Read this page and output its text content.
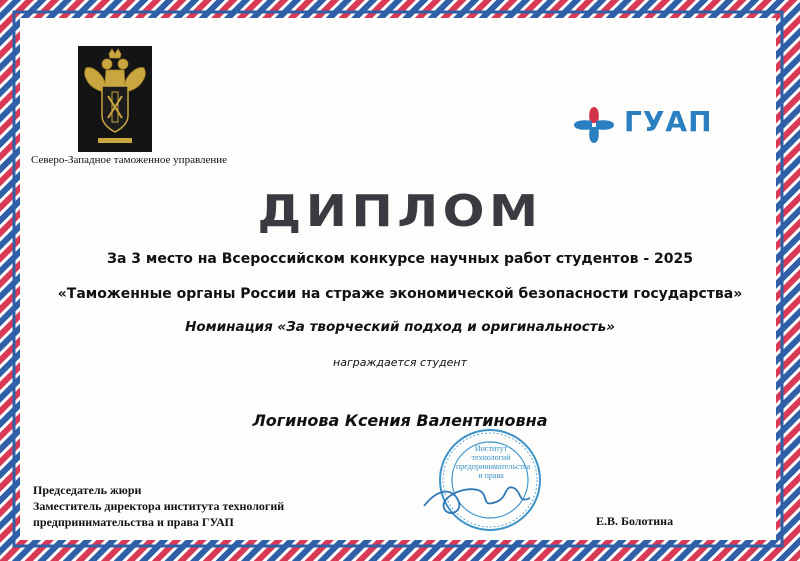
Северо-Западное таможенное управление
ГУАП
ДИПЛОМ
За 3 место на Всероссийском конкурсе научных работ студентов - 2025
«Таможенные органы России на страже экономической безопасности государства»
Номинация «За творческий подход и оригинальность»
награждается студент
Логинова Ксения Валентиновна
Институт технологий предпринимательства и права
Председатель жюри
Заместитель директора института технологий
предпринимательства и права ГУАП	Е.В. Болотина
